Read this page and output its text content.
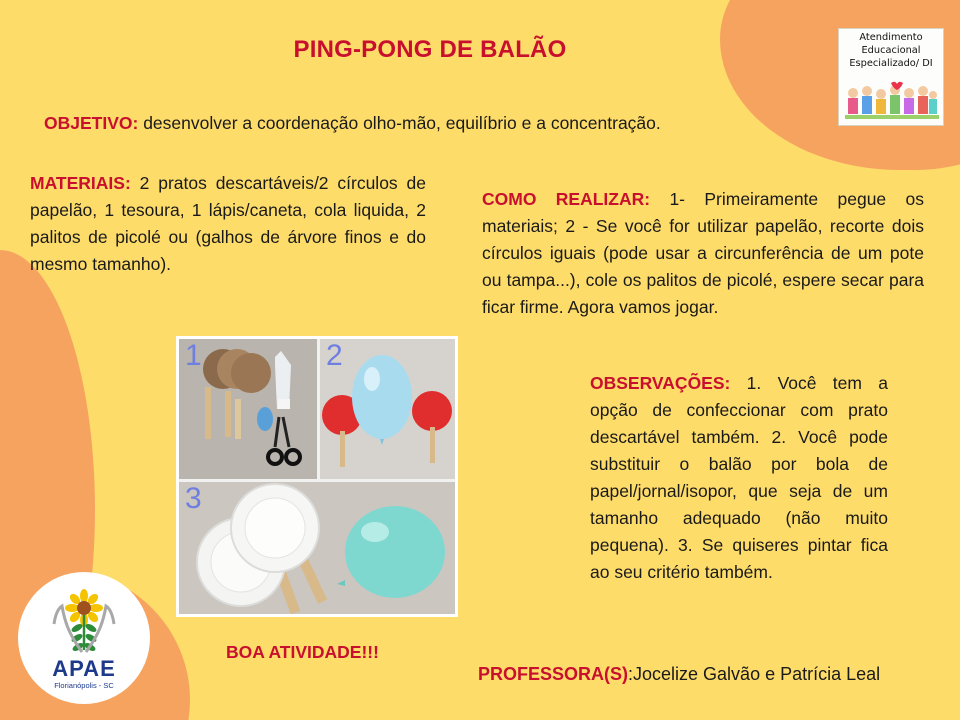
PING-PONG DE BALÃO	Atendimento
Educacional
Especializado/ DI
OBJETIVO: desenvolver a coordenação olho-mão, equilíbrio e a concentração.
MATERIAIS: 2 pratos descartáveis/2 círculos de papelão, 1 tesoura, 1 lápis/caneta, cola liquida, 2 palitos de picolé ou (galhos de árvore finos e do mesmo tamanho).
COMO REALIZAR: 1- Primeiramente pegue os materiais; 2 - Se você for utilizar papelão, recorte dois círculos iguais (pode usar a circunferência de um pote ou tampa...), cole os palitos de picolé, espere secar para ficar firme. Agora vamos jogar.
OBSERVAÇÕES: 1. Você tem a opção de confeccionar com prato descartável também. 2. Você pode substituir o balão por bola de papel/jornal/isopor, que seja de um tamanho adequado (não muito pequena). 3. Se quiseres pintar fica ao seu critério também.
1	2
3
BOA ATIVIDADE!!!
PROFESSORA(S):Jocelize Galvão e Patrícia Leal
APAE
Florianópolis - SC
